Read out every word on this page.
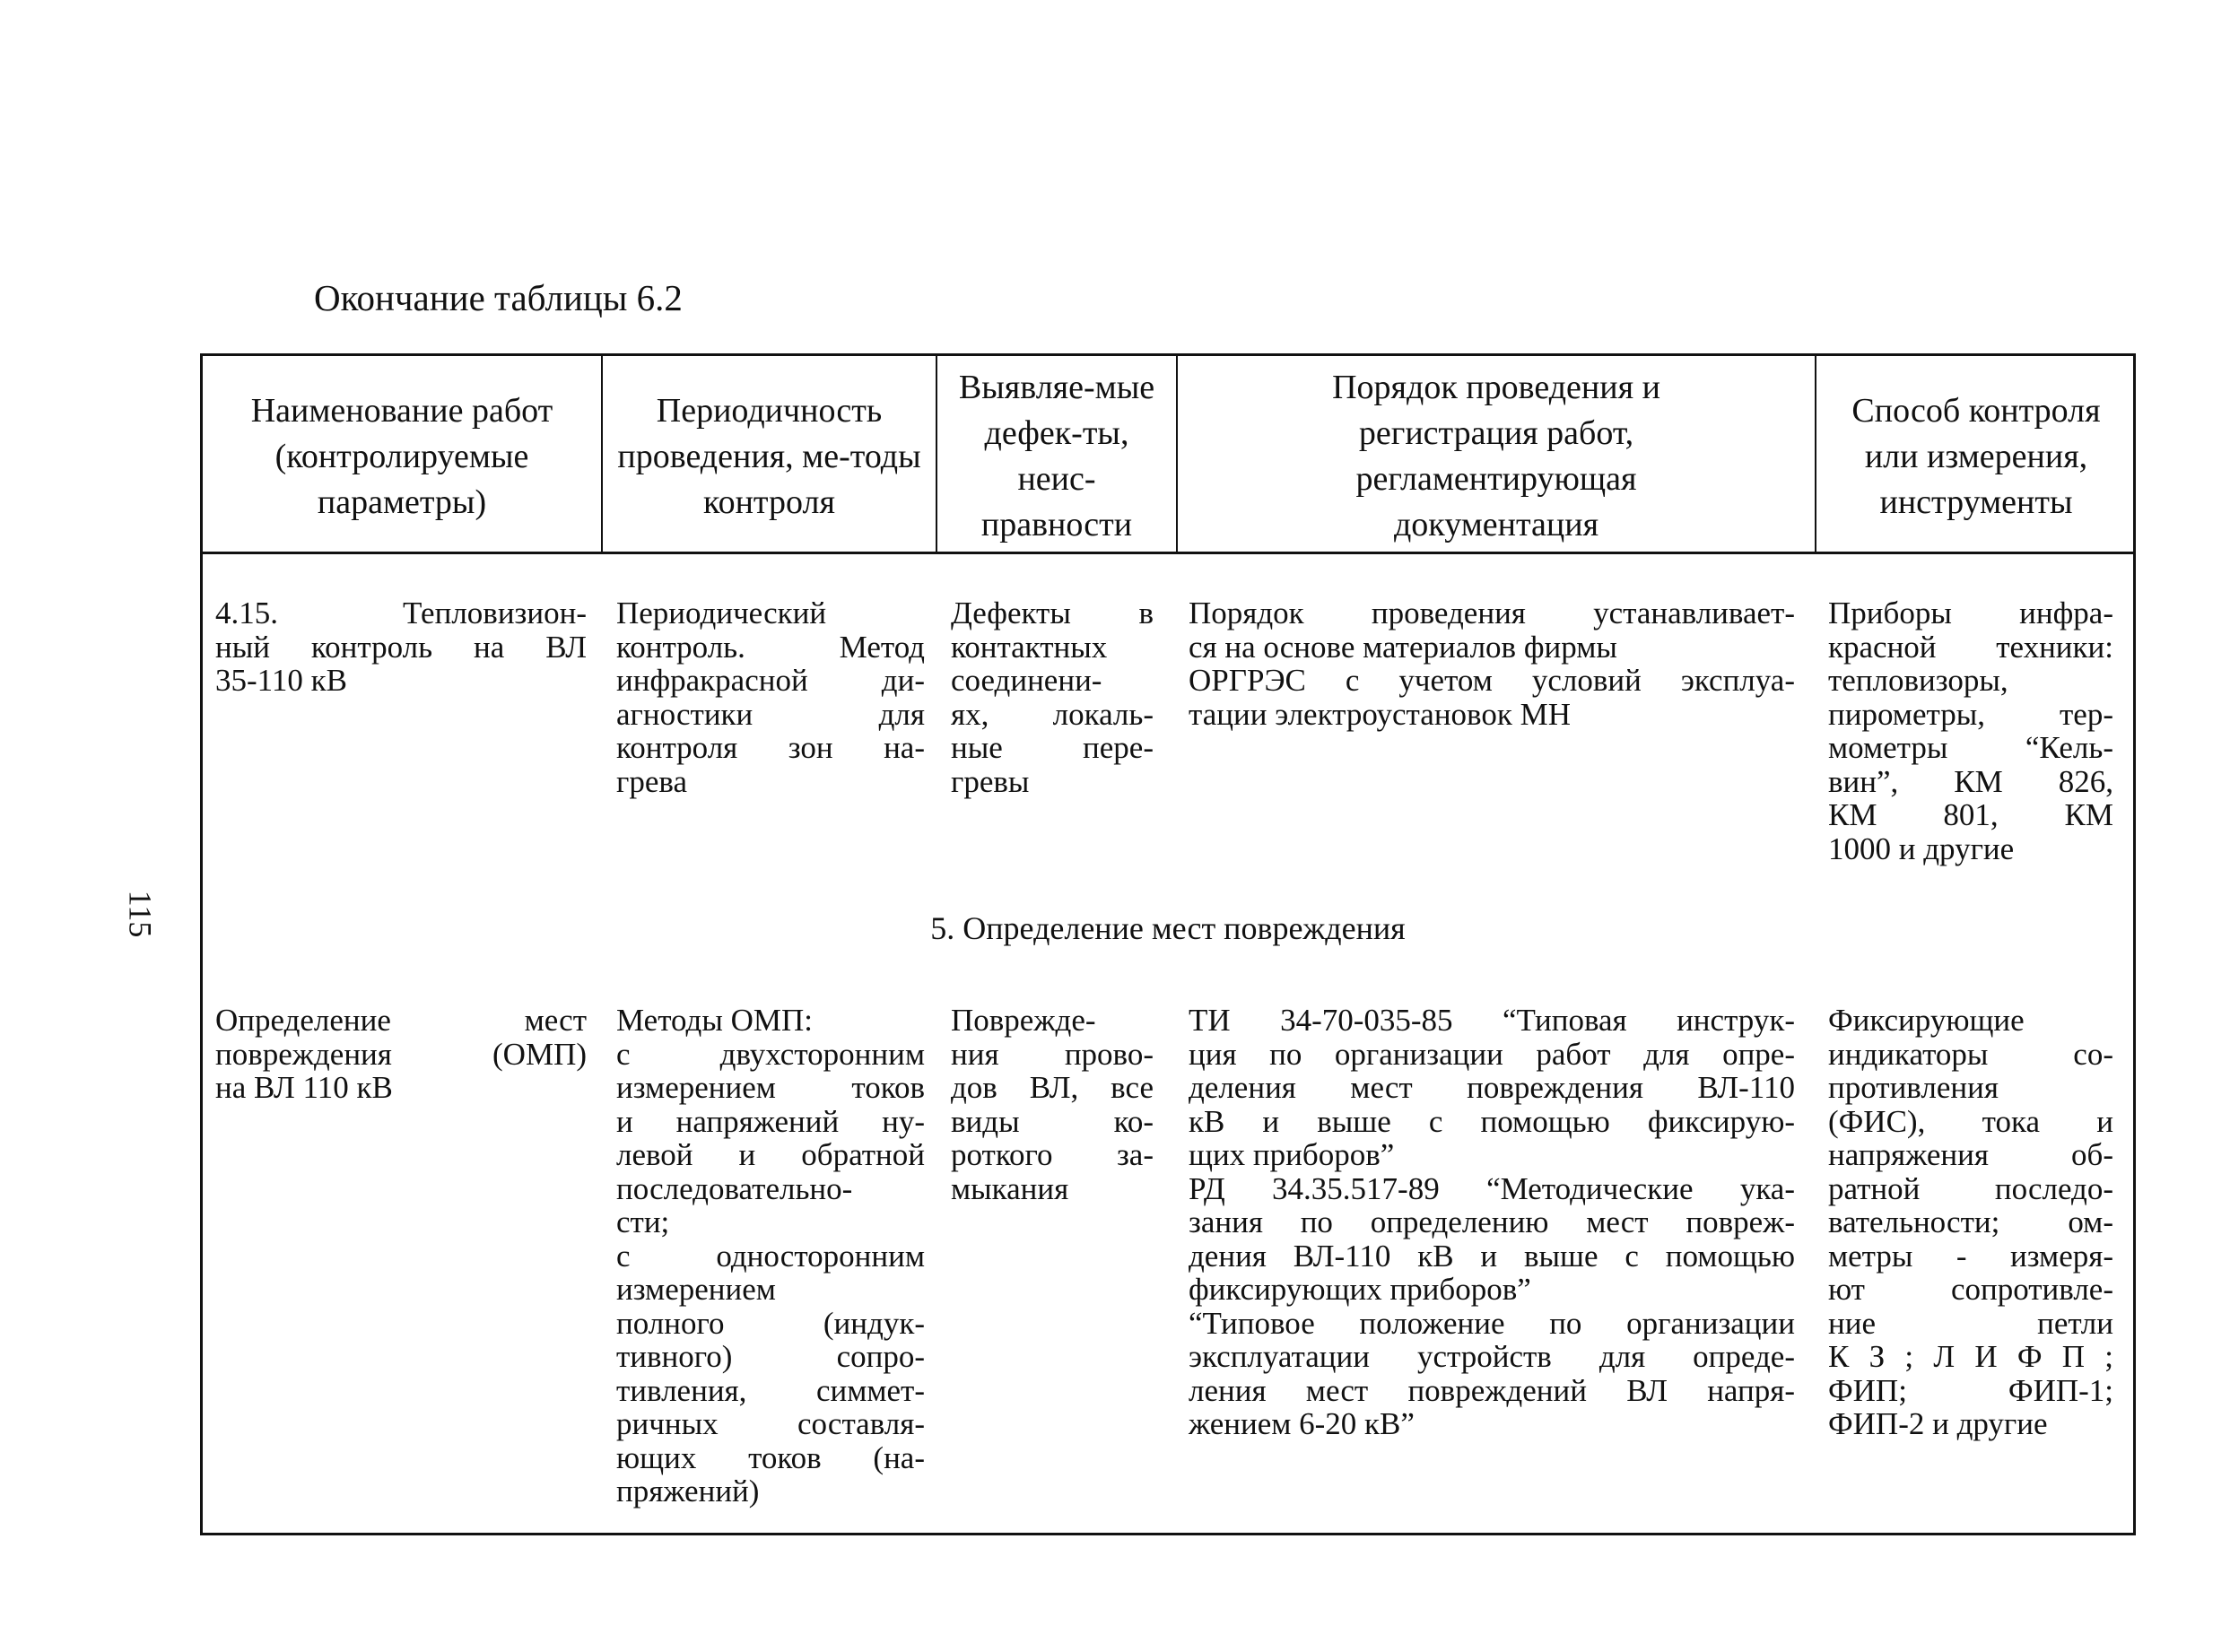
Окончание таблицы 6.2
115
Наименование работ (контролируемые параметры)
Периодичность проведения, ме-тоды контроля
Выявляе-мые дефек-ты, неис-правности
Порядок проведения и регистрация работ, регламентирующая документация
Способ контроля или измерения, инструменты
4.15. Тепловизион-
ный контроль на ВЛ
35-110 кВ
Периодический
контроль. Метод
инфракрасной ди-
агностики для
контроля зон на-
грева
Дефекты в
контактных
соединени-
ях, локаль-
ные пере-
гревы
Порядок проведения устанавливает-
ся на основе материалов фирмы
ОРГРЭС с учетом условий эксплуа-
тации электроустановок МН
Приборы инфра-
красной техники:
тепловизоры,
пирометры, тер-
мометры “Кель-
вин”, КМ 826,
КМ 801, КМ
1000 и другие
5. Определение мест повреждения
Определение мест
повреждения (ОМП)
на ВЛ 110 кВ
Методы ОМП:
с двухсторонним
измерением токов
и напряжений ну-
левой и обратной
последовательно-
сти;
с односторонним
измерением
полного (индук-
тивного) сопро-
тивления, симмет-
ричных составля-
ющих токов (на-
пряжений)
Поврежде-
ния прово-
дов ВЛ, все
виды ко-
роткого за-
мыкания
ТИ 34-70-035-85 “Типовая инструк-
ция по организации работ для опре-
деления мест повреждения ВЛ-110
кВ и выше с помощью фиксирую-
щих приборов”
РД 34.35.517-89 “Методические ука-
зания по определению мест повреж-
дения ВЛ-110 кВ и выше с помощью
фиксирующих приборов”
“Типовое положение по организации
эксплуатации устройств для опреде-
ления мест повреждений ВЛ напря-
жением 6-20 кВ”
Фиксирующие
индикаторы со-
противления
(ФИС), тока и
напряжения об-
ратной последо-
вательности; ом-
метры - измеря-
ют сопротивле-
ние петли
К З ; Л И Ф П ;
ФИП; ФИП-1;
ФИП-2 и другие
